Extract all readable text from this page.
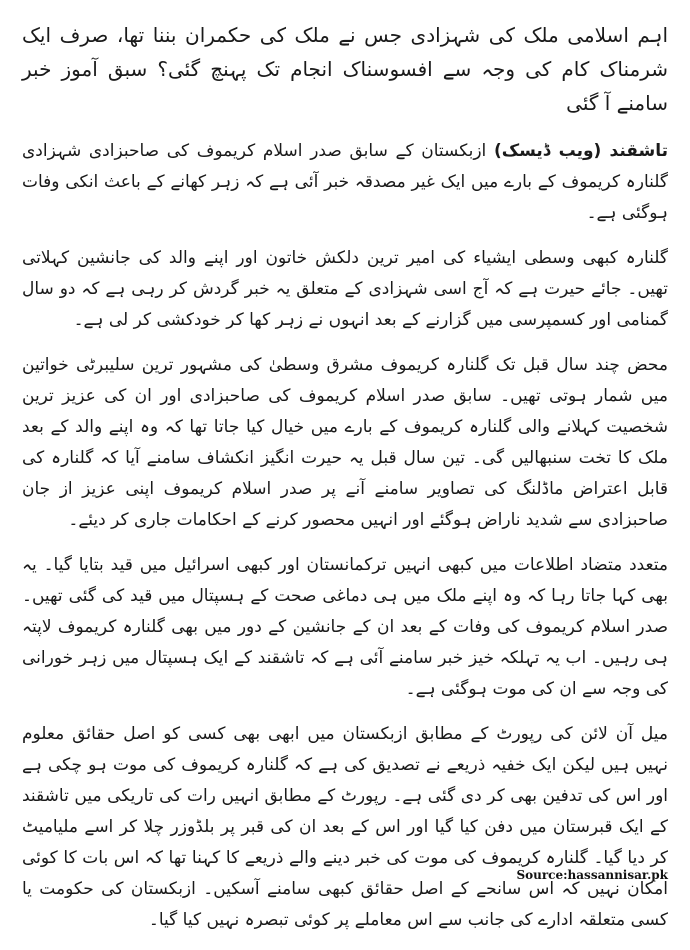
اہم اسلامی ملک کی شہزادی جس نے ملک کی حکمران بننا تھا، صرف ایک شرمناک کام کی وجہ سے افسوسناک انجام تک پہنچ گئی؟ سبق آموز خبر سامنے آ گئی

تاشقند (ویب ڈیسک) ازبکستان کے سابق صدر اسلام کریموف کی صاحبزادی شہزادی گلنارہ کریموف کے بارے میں ایک غیر مصدقہ خبر آئی ہے کہ زہر کھانے کے باعث انکی وفات ہوگئی ہے۔

گلنارہ کبھی وسطی ایشیاء کی امیر ترین دلکش خاتون اور اپنے والد کی جانشین کہلاتی تھیں۔ جائے حیرت ہے کہ آج اسی شہزادی کے متعلق یہ خبر گردش کر رہی ہے کہ دو سال گمنامی اور کسمپرسی میں گزارنے کے بعد انہوں نے زہر کھا کر خودکشی کر لی ہے۔

محض چند سال قبل تک گلنارہ کریموف مشرق وسطیٰ کی مشہور ترین سلیبرٹی خواتین میں شمار ہوتی تھیں۔ سابق صدر اسلام کریموف کی صاحبزادی اور ان کی عزیز ترین شخصیت کہلانے والی گلنارہ کریموف کے بارے میں خیال کیا جاتا تھا کہ وہ اپنے والد کے بعد ملک کا تخت سنبھالیں گی۔ تین سال قبل یہ حیرت انگیز انکشاف سامنے آیا کہ گلنارہ کی قابل اعتراض ماڈلنگ کی تصاویر سامنے آنے پر صدر اسلام کریموف اپنی عزیز از جان صاحبزادی سے شدید ناراض ہوگئے اور انہیں محصور کرنے کے احکامات جاری کر دیئے۔

متعدد متضاد اطلاعات میں کبھی انہیں ترکمانستان اور کبھی اسرائیل میں قید بتایا گیا۔ یہ بھی کہا جاتا رہا کہ وہ اپنے ملک میں ہی دماغی صحت کے ہسپتال میں قید کی گئی تھیں۔ صدر اسلام کریموف کی وفات کے بعد ان کے جانشین کے دور میں بھی گلنارہ کریموف لاپتہ ہی رہیں۔ اب یہ تہلکہ خیز خبر سامنے آئی ہے کہ تاشقند کے ایک ہسپتال میں زہر خورانی کی وجہ سے ان کی موت ہوگئی ہے۔

میل آن لائن کی رپورٹ کے مطابق ازبکستان میں ابھی بھی کسی کو اصل حقائق معلوم نہیں ہیں لیکن ایک خفیہ ذریعے نے تصدیق کی ہے کہ گلنارہ کریموف کی موت ہو چکی ہے اور اس کی تدفین بھی کر دی گئی ہے۔ رپورٹ کے مطابق انہیں رات کی تاریکی میں تاشقند کے ایک قبرستان میں دفن کیا گیا اور اس کے بعد ان کی قبر پر بلڈوزر چلا کر اسے ملیامیٹ کر دیا گیا۔ گلنارہ کریموف کی موت کی خبر دینے والے ذریعے کا کہنا تھا کہ اس بات کا کوئی امکان نہیں کہ اس سانحے کے اصل حقائق کبھی سامنے آسکیں۔ ازبکستان کی حکومت یا کسی متعلقہ ادارے کی جانب سے اس معاملے پر کوئی تبصرہ نہیں کیا گیا۔

Source:hassannisar.pk
